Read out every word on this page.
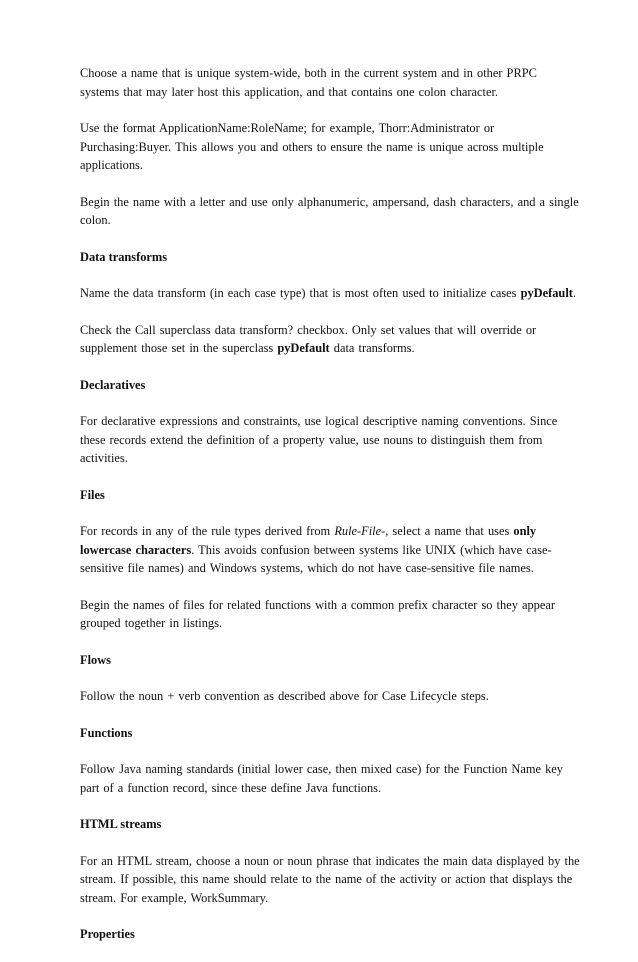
Choose a name that is unique system-wide, both in the current system and in other PRPC systems that may later host this application, and that contains one colon character.

Use the format ApplicationName:RoleName; for example, Thorr:Administrator or Purchasing:Buyer. This allows you and others to ensure the name is unique across multiple applications.

Begin the name with a letter and use only alphanumeric, ampersand, dash characters, and a single colon.

Data transforms

Name the data transform (in each case type) that is most often used to initialize cases pyDefault.

Check the Call superclass data transform? checkbox. Only set values that will override or supplement those set in the superclass pyDefault data transforms.

Declaratives

For declarative expressions and constraints, use logical descriptive naming conventions. Since these records extend the definition of a property value, use nouns to distinguish them from activities.

Files

For records in any of the rule types derived from Rule-File-, select a name that uses only lowercase characters. This avoids confusion between systems like UNIX (which have case-sensitive file names) and Windows systems, which do not have case-sensitive file names.

Begin the names of files for related functions with a common prefix character so they appear grouped together in listings.

Flows

Follow the noun + verb convention as described above for Case Lifecycle steps.

Functions

Follow Java naming standards (initial lower case, then mixed case) for the Function Name key part of a function record, since these define Java functions.

HTML streams

For an HTML stream, choose a noun or noun phrase that indicates the main data displayed by the stream. If possible, this name should relate to the name of the activity or action that displays the stream. For example, WorkSummary.

Properties
